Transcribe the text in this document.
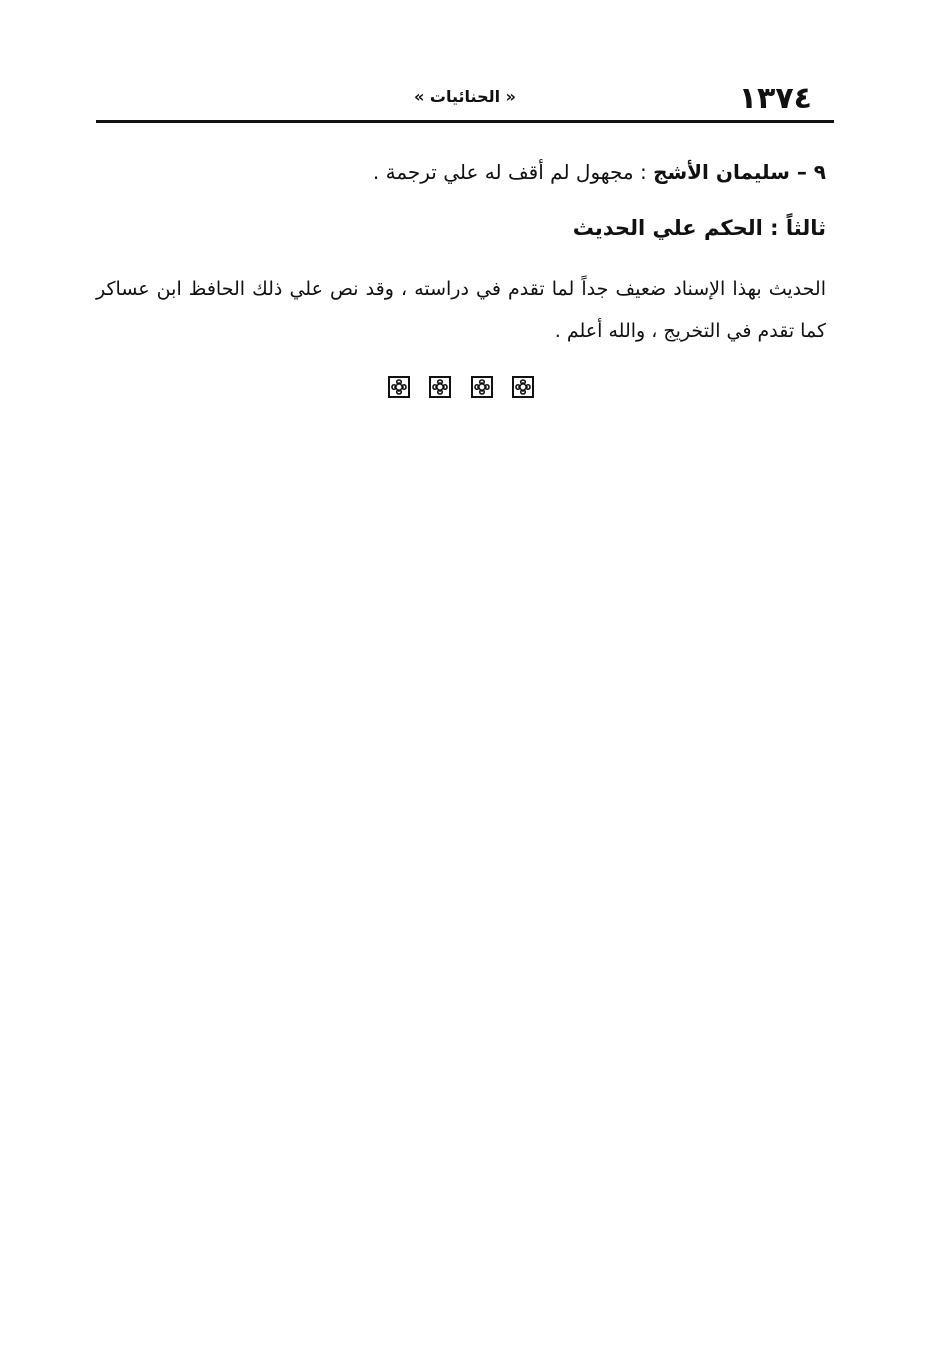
١٣٧٤
« الحنائيات »

٩ – سليمان الأشج : مجهول لم أقف له علي ترجمة .

ثالثاً : الحكم علي الحديث

الحديث بهذا الإسناد ضعيف جداً لما تقدم في دراسته ، وقد نص علي ذلك الحافظ ابن عساكر كما تقدم في التخريج ، والله أعلم .
